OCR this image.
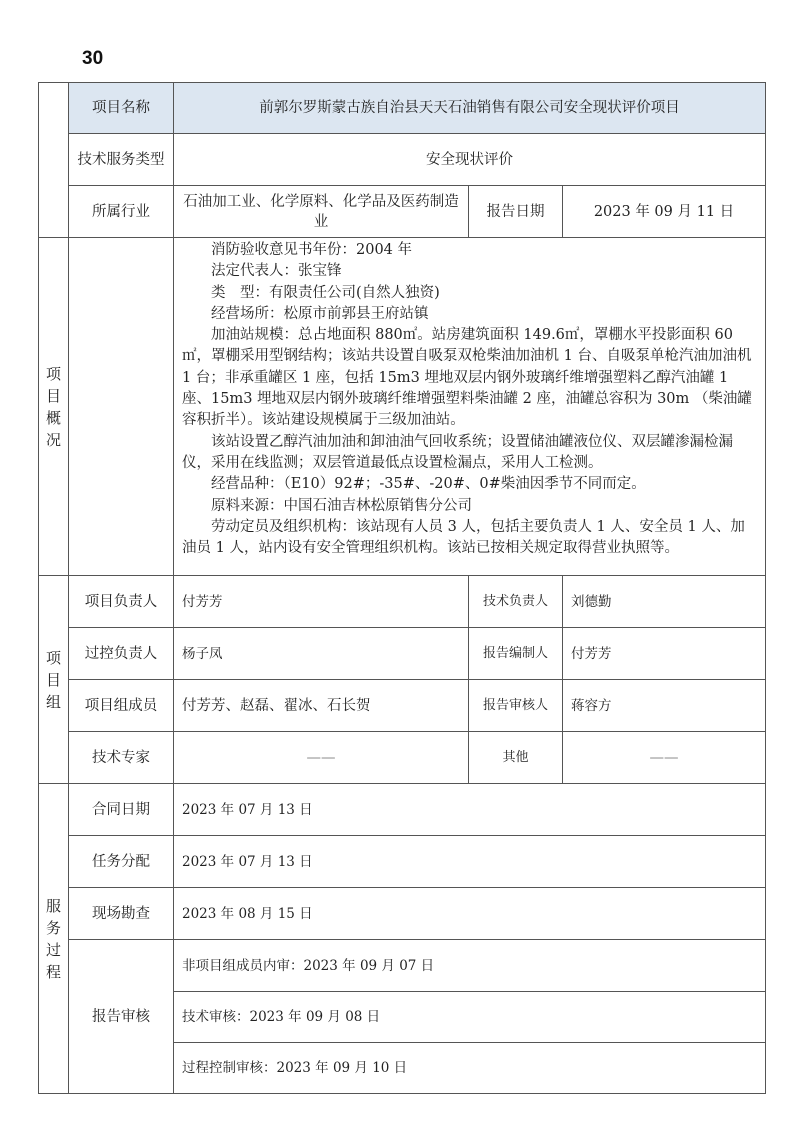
30
	项目名称	前郭尔罗斯蒙古族自治县天天石油销售有限公司安全现状评价项目		
	技术服务类型	安全现状评价		
	所属行业	石油加工业、化学原料、化学品及医药制造业	报告日期	2023 年 09 月 11 日
项目概况		

消防验收意见书年份：2004 年

法定代表人：张宝锋

类　型：有限责任公司(自然人独资)

经营场所：松原市前郭县王府站镇

加油站规模：总占地面积 880㎡。站房建筑面积 149.6㎡，罩棚水平投影面积 60㎡，罩棚采用型钢结构；该站共设置自吸泵双枪柴油加油机 1 台、自吸泵单枪汽油加油机 1 台；非承重罐区 1 座，包括 15m3 埋地双层内钢外玻璃纤维增强塑料乙醇汽油罐 1 座、15m3 埋地双层内钢外玻璃纤维增强塑料柴油罐 2 座，油罐总容积为 30m （柴油罐容积折半）。该站建设规模属于三级加油站。

该站设置乙醇汽油加油和卸油油气回收系统；设置储油罐液位仪、双层罐渗漏检漏仪，采用在线监测；双层管道最低点设置检漏点，采用人工检测。

经营品种：（E10）92#；-35#、-20#、0#柴油因季节不同而定。

原料来源：中国石油吉林松原销售分公司

劳动定员及组织机构：该站现有人员 3 人，包括主要负责人 1 人、安全员 1 人、加油员 1 人，站内设有安全管理组织机构。该站已按相关规定取得营业执照等。

项目组	项目负责人	付芳芳	技术负责人	刘德勤
	过控负责人	杨子凤	报告编制人	付芳芳
	项目组成员	付芳芳、赵磊、翟冰、石长贺	报告审核人	蒋容方
	技术专家	——	其他	——
服务过程	合同日期	2023 年 07 月 13 日
	任务分配	2023 年 07 月 13 日
	现场勘查	2023 年 08 月 15 日
	报告审核	非项目组成员内审：2023 年 09 月 07 日
		技术审核：2023 年 09 月 08 日
		过程控制审核：2023 年 09 月 10 日
